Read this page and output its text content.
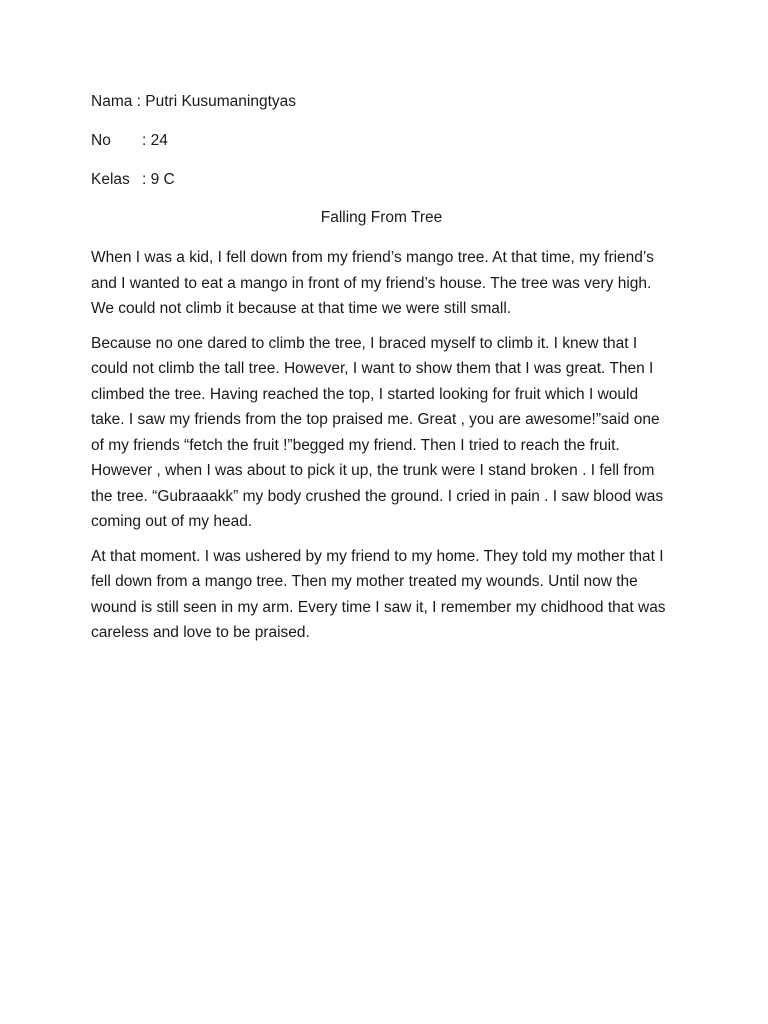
Nama : Putri Kusumaningtyas

No : 24

Kelas : 9 C

Falling From Tree

When I was a kid, I fell down from my friend’s mango tree. At that time, my friend’s and I wanted to eat a mango in front of my friend’s house. The tree was very high. We could not climb it because at that time we were still small.

Because no one dared to climb the tree, I braced myself to climb it. I knew that I could not climb the tall tree. However, I want to show them that I was great. Then I climbed the tree. Having reached the top, I started looking for fruit which I would take. I saw my friends from the top praised me. Great , you are awesome!”said one of my friends “fetch the fruit !”begged my friend. Then I tried to reach the fruit. However , when I was about to pick it up, the trunk were I stand broken . I fell from the tree. “Gubraaakk” my body crushed the ground. I cried in pain . I saw blood was coming out of my head.

At that moment. I was ushered by my friend to my home. They told my mother that I fell down from a mango tree. Then my mother treated my wounds. Until now the wound is still seen in my arm. Every time I saw it, I remember my chidhood that was careless and love to be praised.
